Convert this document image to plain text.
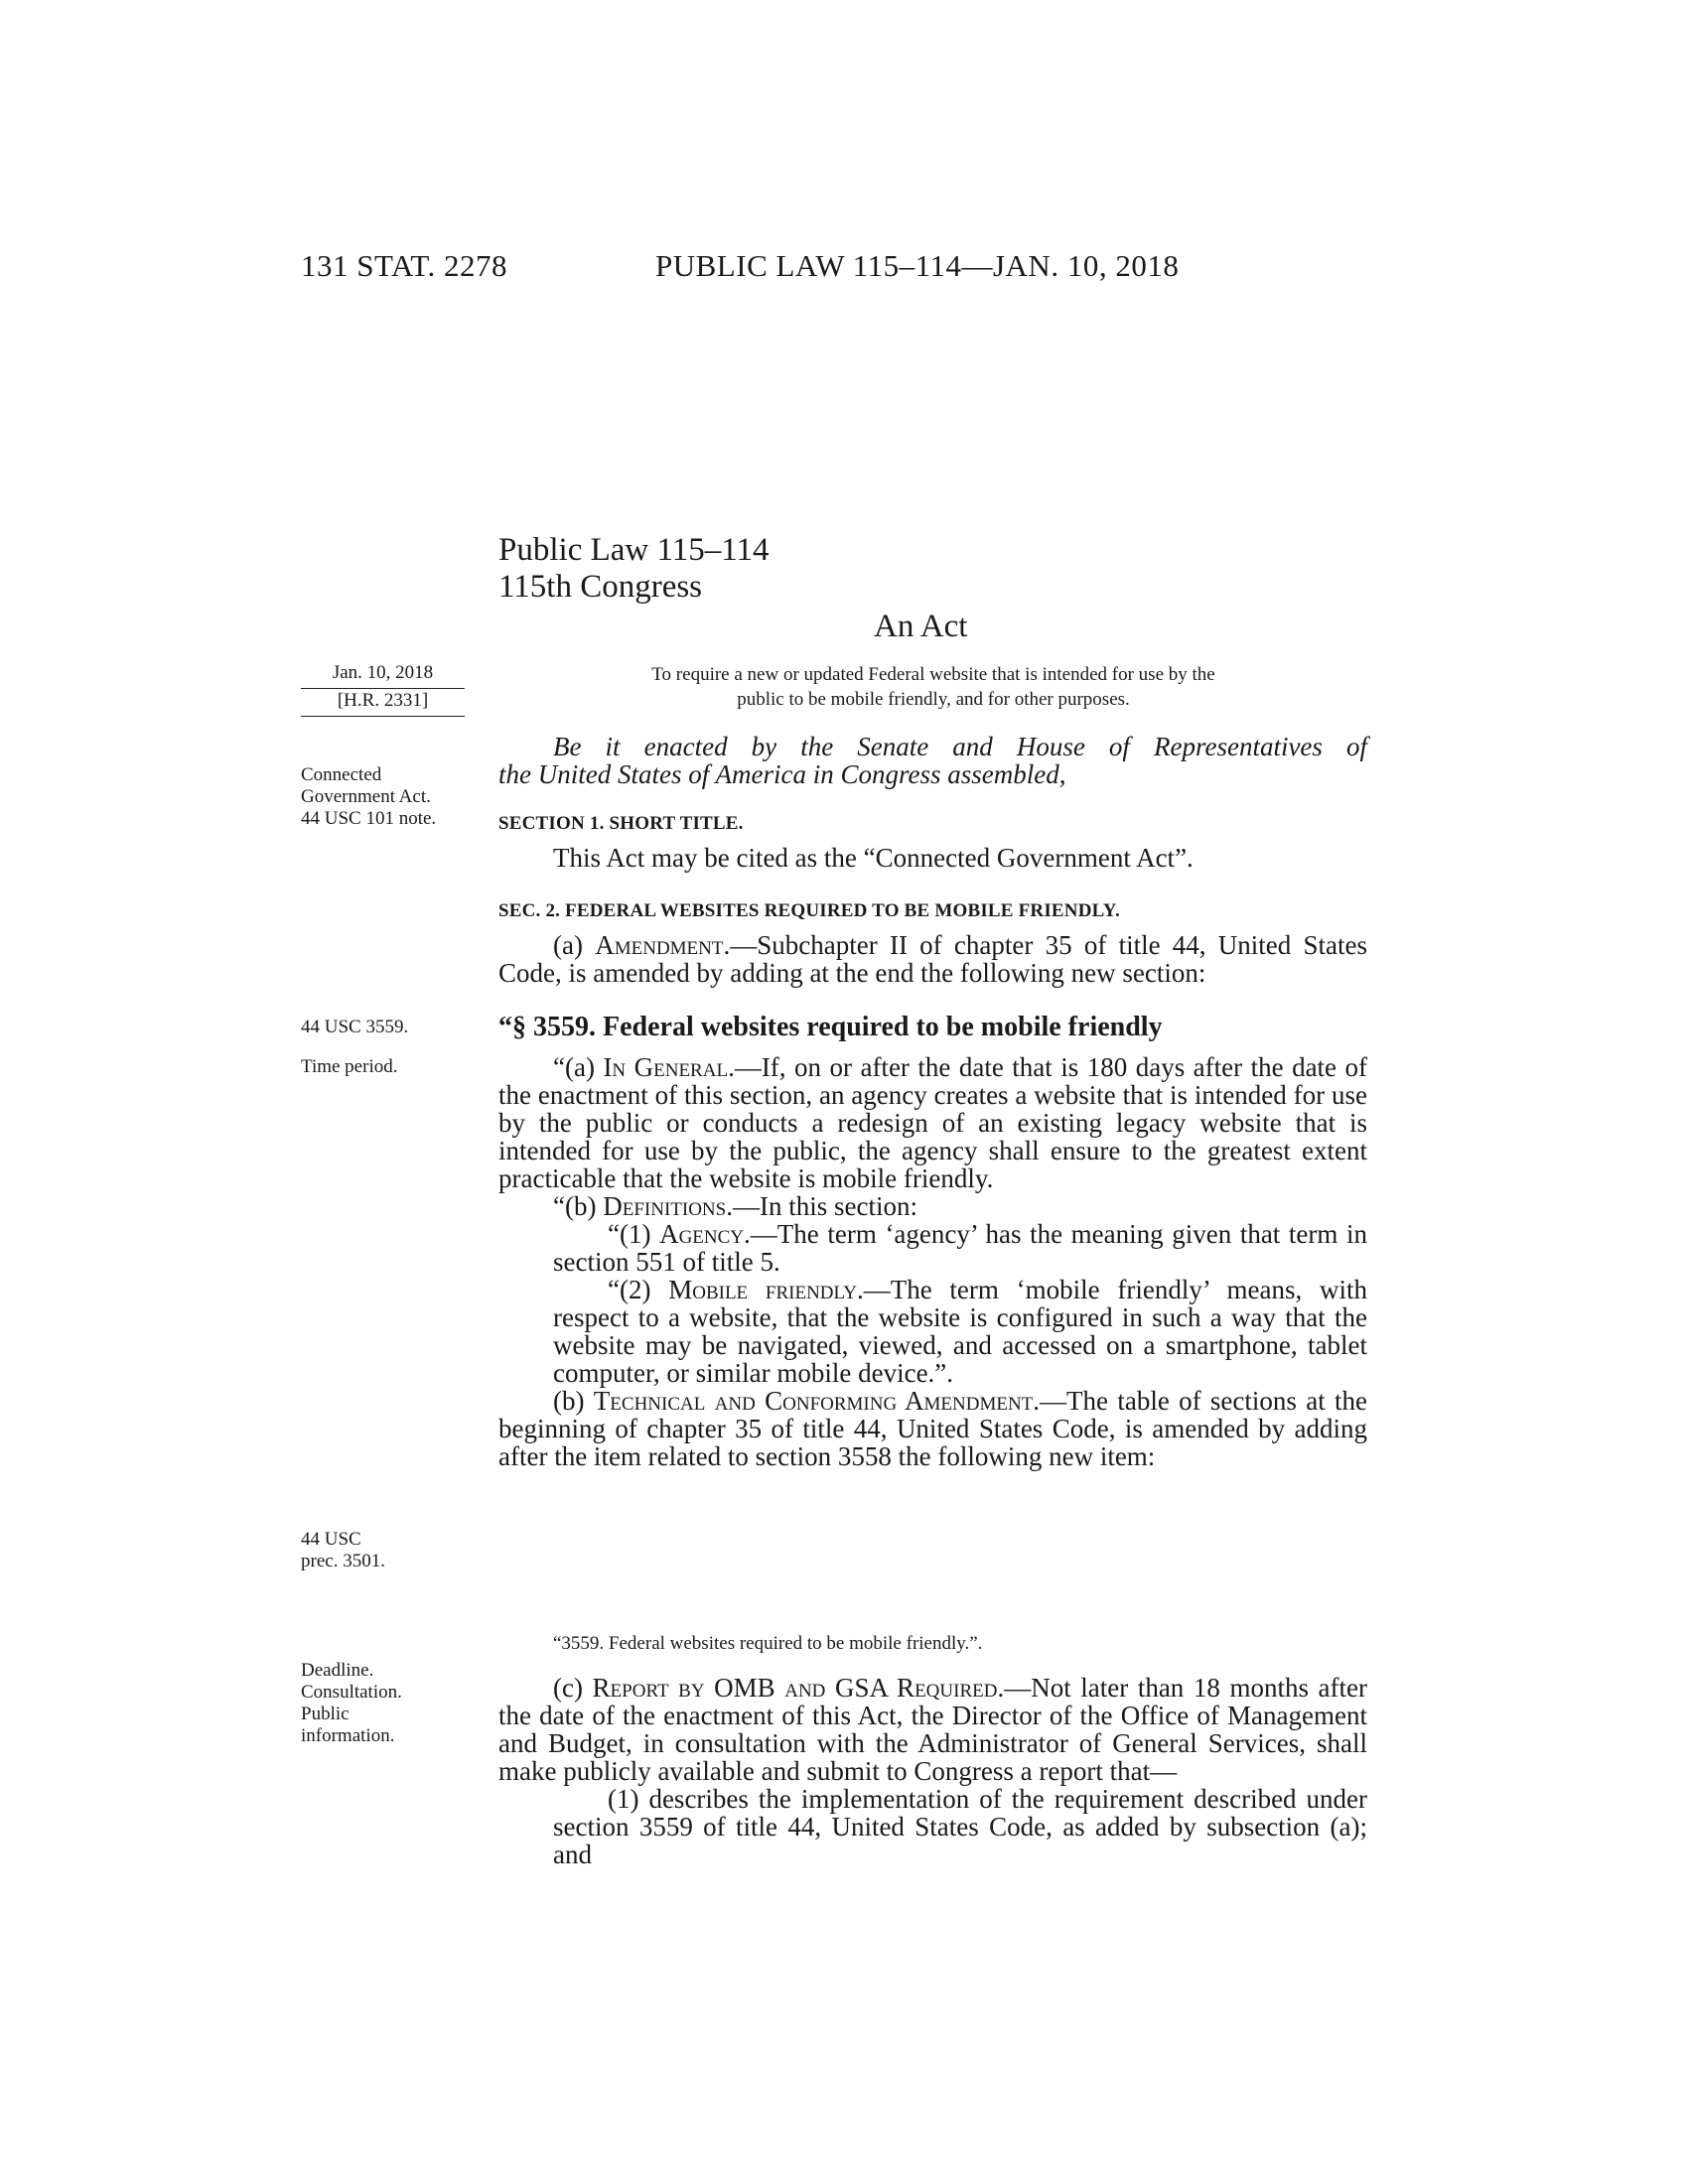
131 STAT. 2278	PUBLIC LAW 115–114—JAN. 10, 2018
Public Law 115–114
115th Congress
An Act
Jan. 10, 2018
[H.R. 2331]
Connected
Government Act.
44 USC 101 note.
44 USC 3559.
Time period.
44 USC
prec. 3501.
Deadline.
Consultation.
Public
information.
To require a new or updated Federal website that is intended for use by the
public to be mobile friendly, and for other purposes.

Be it enacted by the Senate and House of Representatives of

the United States of America in Congress assembled,

SECTION 1. SHORT TITLE.

This Act may be cited as the “Connected Government Act”.

SEC. 2. FEDERAL WEBSITES REQUIRED TO BE MOBILE FRIENDLY.

(a) Amendment.—Subchapter II of chapter 35 of title 44, United States Code, is amended by adding at the end the following new section:

“§ 3559. Federal websites required to be mobile friendly

“(a) In General.—If, on or after the date that is 180 days after the date of the enactment of this section, an agency creates a website that is intended for use by the public or conducts a redesign of an existing legacy website that is intended for use by the public, the agency shall ensure to the greatest extent practicable that the website is mobile friendly.

“(b) Definitions.—In this section:

“(1) Agency.—The term ‘agency’ has the meaning given that term in section 551 of title 5.

“(2) Mobile friendly.—The term ‘mobile friendly’ means, with respect to a website, that the website is configured in such a way that the website may be navigated, viewed, and accessed on a smartphone, tablet computer, or similar mobile device.”.

(b) Technical and Conforming Amendment.—The table of sections at the beginning of chapter 35 of title 44, United States Code, is amended by adding after the item related to section 3558 the following new item:

“3559. Federal websites required to be mobile friendly.”.

(c) Report by OMB and GSA Required.—Not later than 18 months after the date of the enactment of this Act, the Director of the Office of Management and Budget, in consultation with the Administrator of General Services, shall make publicly available and submit to Congress a report that—

(1) describes the implementation of the requirement described under section 3559 of title 44, United States Code, as added by subsection (a); and
